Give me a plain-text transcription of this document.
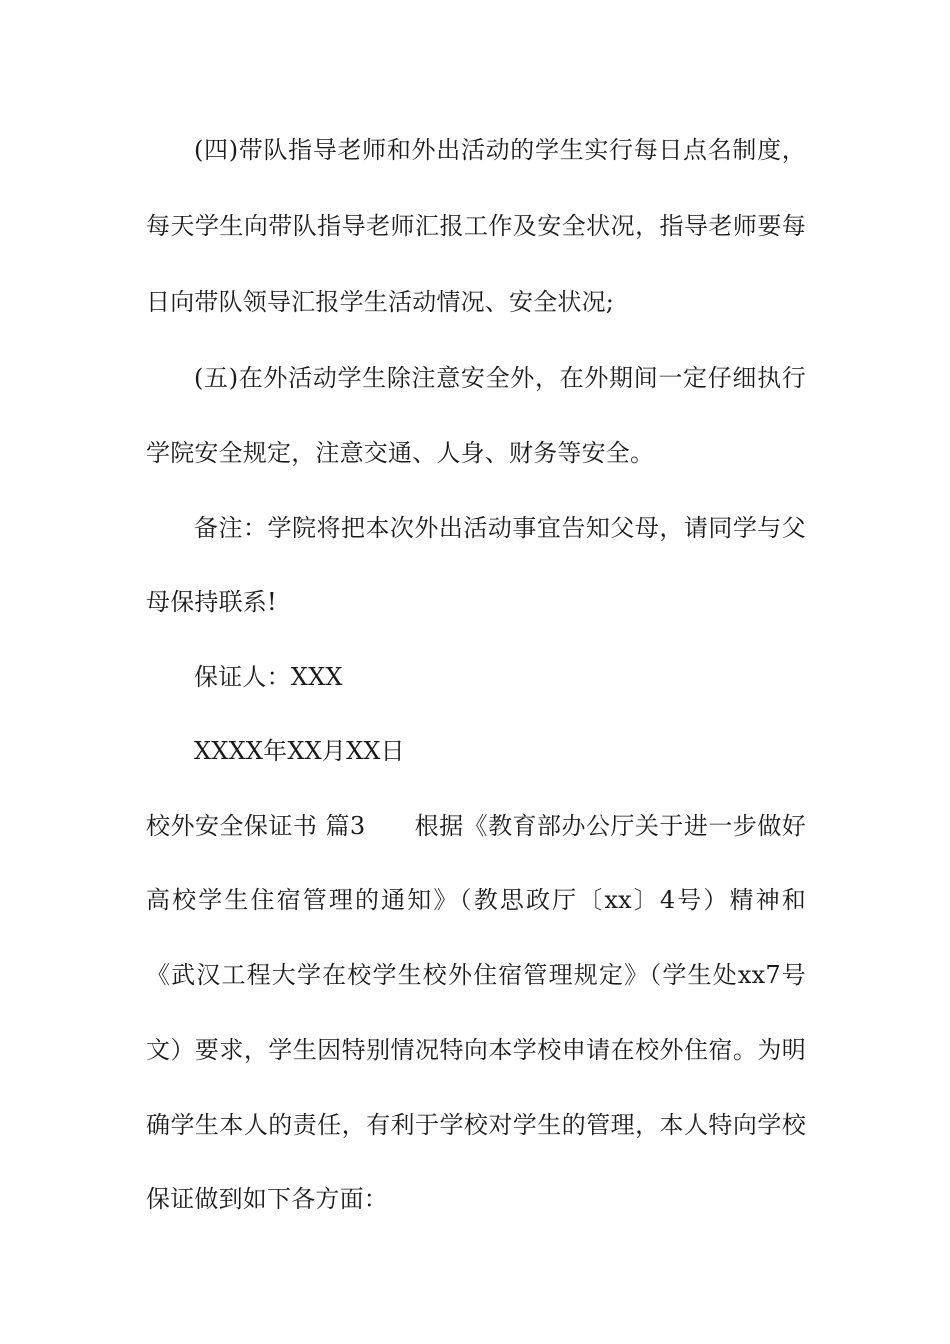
(四)带队指导老师和外出活动的学生实行每日点名制度，
每天学生向带队指导老师汇报工作及安全状况，指导老师要每
日向带队领导汇报学生活动情况、安全状况;
(五)在外活动学生除注意安全外，在外期间一定仔细执行
学院安全规定，注意交通、人身、财务等安全。
备注：学院将把本次外出活动事宜告知父母，请同学与父
母保持联系!
保证人：XXX
XXXX年XX月XX日
校外安全保证书 篇3　　根据《教育部办公厅关于进一步做好
高校学生住宿管理的通知》（教思政厅〔xx〕4号）精神和
《武汉工程大学在校学生校外住宿管理规定》（学生处xx7号
文）要求，学生因特别情况特向本学校申请在校外住宿。为明
确学生本人的责任，有利于学校对学生的管理，本人特向学校
保证做到如下各方面：
